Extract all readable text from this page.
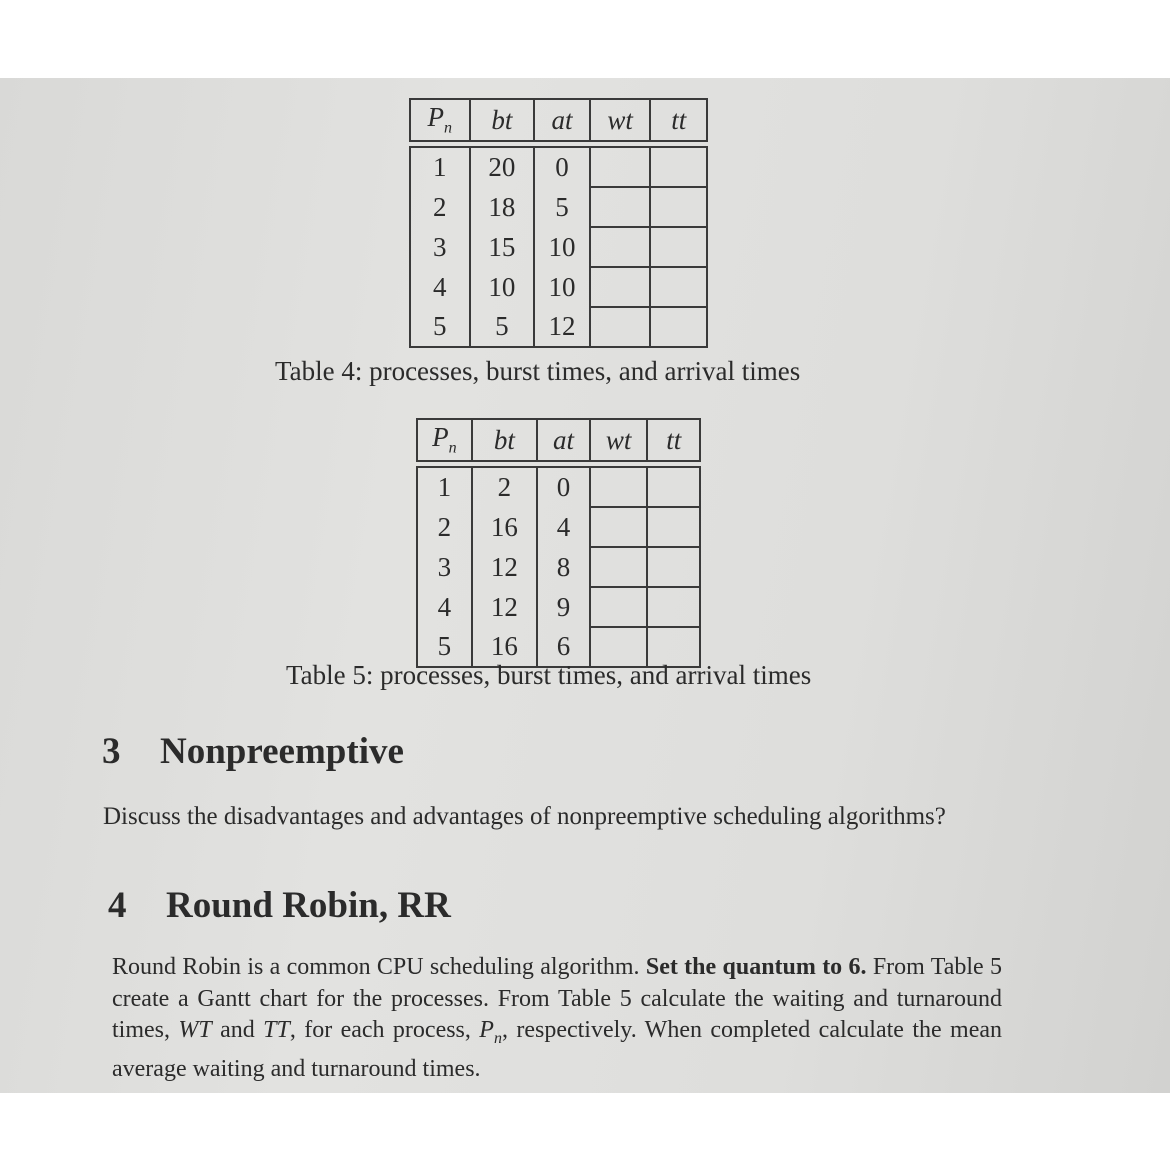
$P_n$	bt	at	wt	tt

1	20	0		
2	18	5		
3	15	10		
4	10	10		
5	5	12		
Table 4: processes, burst times, and arrival times
$P_n$	bt	at	wt	tt

1	2	0		
2	16	4		
3	12	8		
4	12	9		
5	16	6		
Table 5: processes, burst times, and arrival times
3 Nonpreemptive
Discuss the disadvantages and advantages of nonpreemptive scheduling algorithms?
4 Round Robin, RR
Round Robin is a common CPU scheduling algorithm. Set the quantum to 6. From Table 5 create a Gantt chart for the processes. From Table 5 calculate the waiting and turnaround times, WT and TT, for each process, $P_n$, respectively. When completed calculate the mean average waiting and turnaround times.
